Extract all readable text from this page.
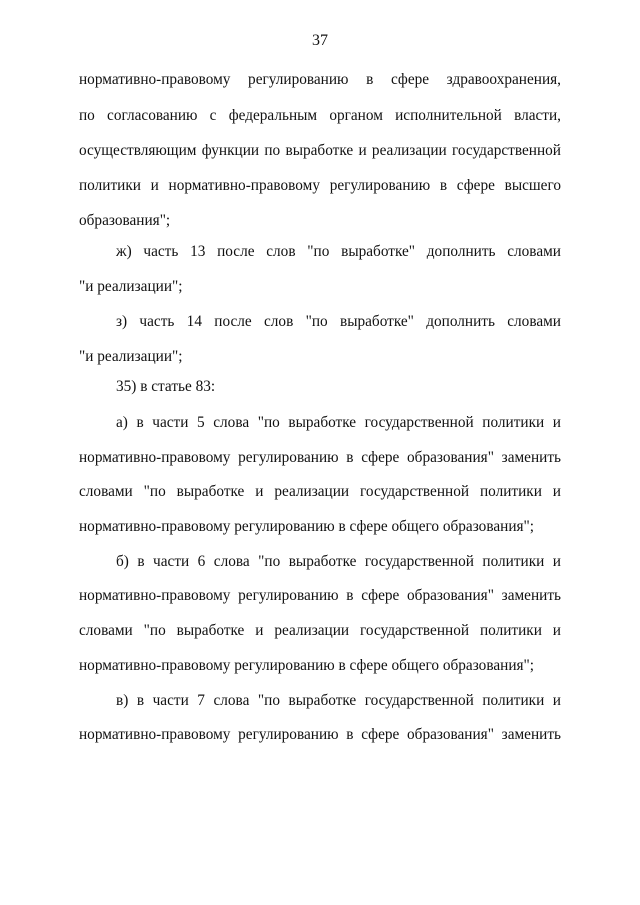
37
нормативно-правовому регулированию в сфере здравоохранения,
по согласованию с федеральным органом исполнительной власти,
осуществляющим функции по выработке и реализации государственной
политики и нормативно-правовому регулированию в сфере высшего
образования";
ж) часть 13 после слов "по выработке" дополнить словами
"и реализации";
з) часть 14 после слов "по выработке" дополнить словами
"и реализации";
35) в статье 83:
а) в части 5 слова "по выработке государственной политики и
нормативно-правовому регулированию в сфере образования" заменить
словами "по выработке и реализации государственной политики и
нормативно-правовому регулированию в сфере общего образования";
б) в части 6 слова "по выработке государственной политики и
нормативно-правовому регулированию в сфере образования" заменить
словами "по выработке и реализации государственной политики и
нормативно-правовому регулированию в сфере общего образования";
в) в части 7 слова "по выработке государственной политики и
нормативно-правовому регулированию в сфере образования" заменить
